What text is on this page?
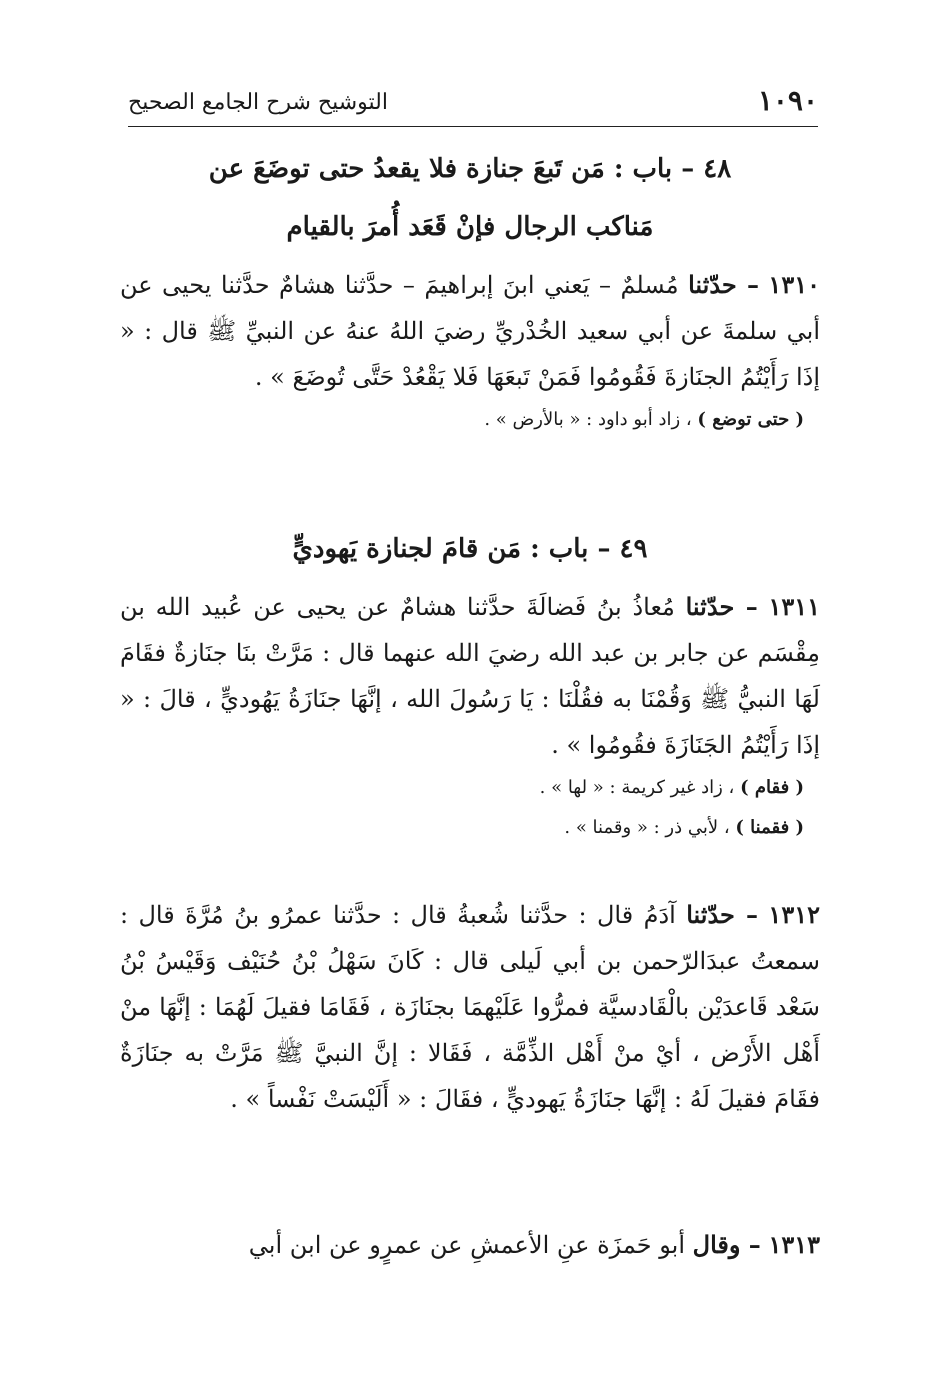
١٠٩٠
التوشيح شرح الجامع الصحيح
٤٨ – باب : مَن تَبعَ جنازة فلا يقعدُ حتى توضَعَ عن
مَناكب الرجال فإنْ قَعَد أُمرَ بالقيام
١٣١٠ – حدّثنا مُسلمٌ – يَعني ابنَ إبراهيمَ – حدَّثنا هشامٌ حدَّثنا يحيى عن أبي سلمةَ عن أبي سعيد الخُدْريِّ رضيَ اللهُ عنهُ عن النبيِّ ﷺ قال : « إذَا رَأَيْتُمُ الجنَازةَ فَقُومُوا فَمَنْ تَبعَهَا فَلا يَقْعُدْ حَتَّى تُوضَعَ » .
( حتى توضع ) ، زاد أبو داود : « بالأرض » .
٤٩ – باب : مَن قامَ لجنازة يَهوديٍّ
١٣١١ – حدّثنا مُعاذُ بنُ فَضالَةَ حدَّثنا هشامٌ عن يحيى عن عُبيد الله بن مِقْسَم عن جابر بن عبد الله رضيَ الله عنهما قال : مَرَّتْ بنَا جنَازةٌ فقَامَ لَهَا النبيُّ ﷺ وَقُمْنَا به فقُلْنَا : يَا رَسُولَ الله ، إنَّهَا جنَازَةُ يَهُوديٍّ ، قالَ : « إذَا رَأَيْتُمُ الجَنَازَةَ فقُومُوا » .
( فقام ) ، زاد غير كريمة : « لها » .
( فقمنا ) ، لأبي ذر : « وقمنا » .
١٣١٢ – حدّثنا آدَمُ قال : حدَّثنا شُعبةُ قال : حدَّثنا عمرُو بنُ مُرَّةَ قال : سمعتُ عبدَالرّحمن بن أبي لَيلى قال : كَانَ سَهْلُ بْنُ حُنَيْف وَقَيْسُ بْنُ سَعْد قَاعدَيْن بالْقَادسيَّة فمرُّوا عَلَيْهمَا بجنَازَة ، فَقَامَا فقيلَ لَهُمَا : إنَّهَا منْ أَهْل الأَرْض ، أيْ منْ أَهْل الذِّمَّة ، فَقَالا : إنَّ النبيَّ ﷺ مَرَّتْ به جنَازَةٌ فقَامَ فقيلَ لَهُ : إنَّهَا جنَازَةُ يَهوديٍّ ، فقَالَ : « أَلَيْسَتْ نَفْساً » .
١٣١٣ – وقال أبو حَمزَة عنِ الأعمشِ عن عمرٍو عن ابن أبي
